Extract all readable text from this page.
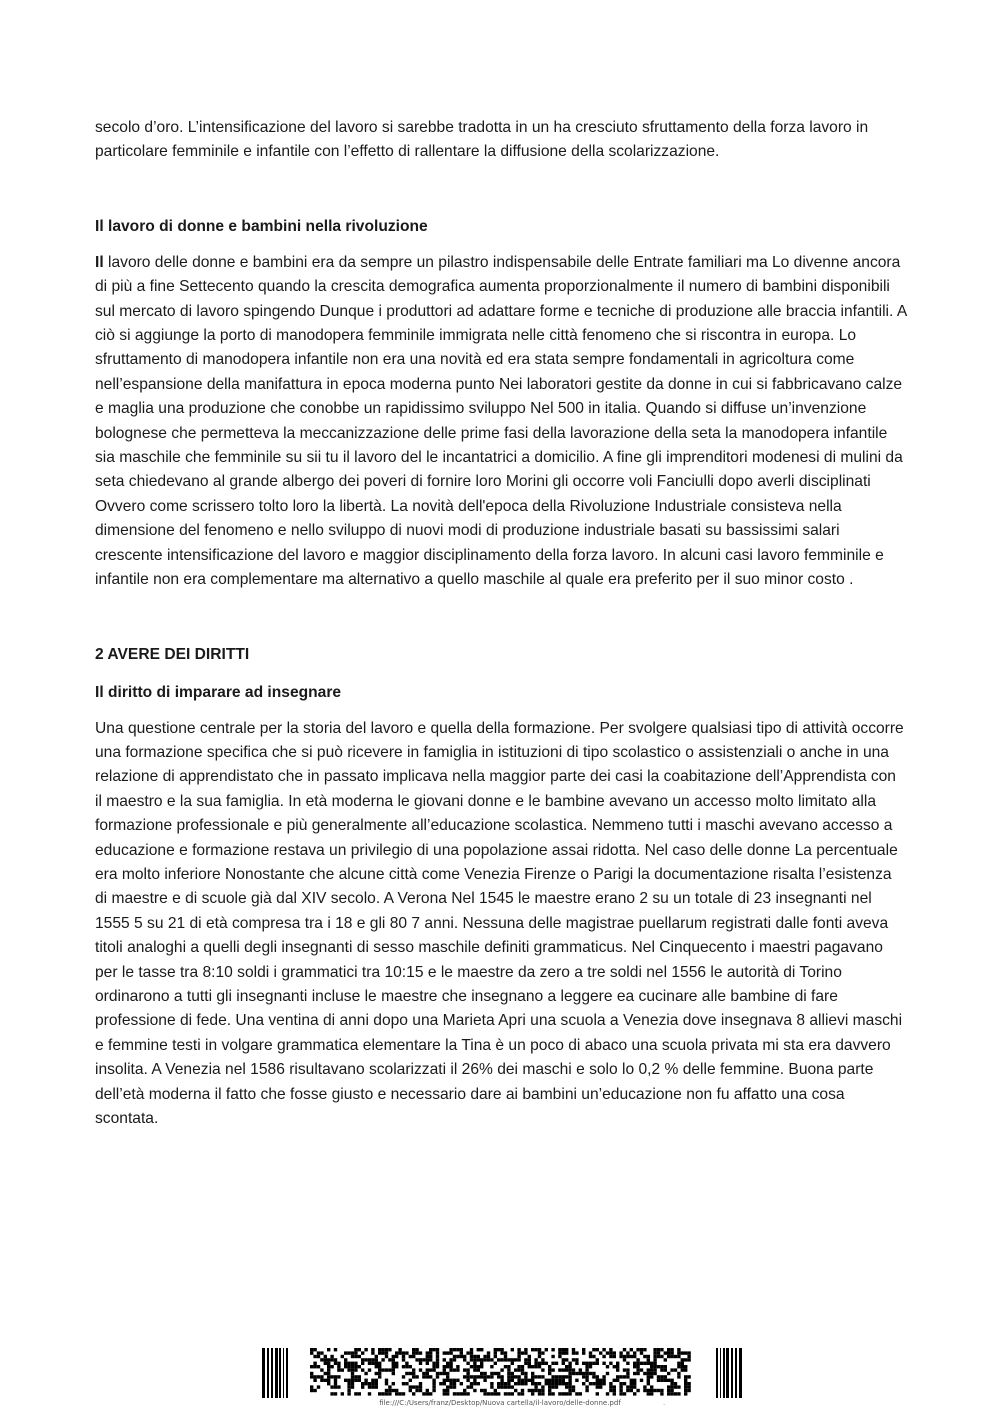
secolo d’oro. L’intensificazione del lavoro si sarebbe tradotta in un ha cresciuto sfruttamento della forza lavoro in particolare femminile e infantile con l’effetto di rallentare la diffusione della scolarizzazione.

Il lavoro di donne e bambini nella rivoluzione

Il lavoro delle donne e bambini era da sempre un pilastro indispensabile delle Entrate familiari ma Lo divenne ancora di più a fine Settecento quando la crescita demografica aumenta proporzionalmente il numero di bambini disponibili sul mercato di lavoro spingendo Dunque i produttori ad adattare forme e tecniche di produzione alle braccia infantili. A ciò si aggiunge la porto di manodopera femminile immigrata nelle città fenomeno che si riscontra in europa. Lo sfruttamento di manodopera infantile non era una novità ed era stata sempre fondamentali in agricoltura come nell’espansione della manifattura in epoca moderna punto Nei laboratori gestite da donne in cui si fabbricavano calze e maglia una produzione che conobbe un rapidissimo sviluppo Nel 500 in italia. Quando si diffuse un’invenzione bolognese che permetteva la meccanizzazione delle prime fasi della lavorazione della seta la manodopera infantile sia maschile che femminile su sii tu il lavoro del le incantatrici a domicilio. A fine gli imprenditori modenesi di mulini da seta chiedevano al grande albergo dei poveri di fornire loro Morini gli occorre voli Fanciulli dopo averli disciplinati Ovvero come scrissero tolto loro la libertà. La novità dell'epoca della Rivoluzione Industriale consisteva nella dimensione del fenomeno e nello sviluppo di nuovi modi di produzione industriale basati su bassissimi salari crescente intensificazione del lavoro e maggior disciplinamento della forza lavoro. In alcuni casi lavoro femminile e infantile non era complementare ma alternativo a quello maschile al quale era preferito per il suo minor costo .

2 AVERE DEI DIRITTI
Il diritto di imparare ad insegnare

Una questione centrale per la storia del lavoro e quella della formazione. Per svolgere qualsiasi tipo di attività occorre una formazione specifica che si può ricevere in famiglia in istituzioni di tipo scolastico o assistenziali o anche in una relazione di apprendistato che in passato implicava nella maggior parte dei casi la coabitazione dell’Apprendista con il maestro e la sua famiglia. In età moderna le giovani donne e le bambine avevano un accesso molto limitato alla formazione professionale e più generalmente all’educazione scolastica. Nemmeno tutti i maschi avevano accesso a educazione e formazione restava un privilegio di una popolazione assai ridotta. Nel caso delle donne La percentuale era molto inferiore Nonostante che alcune città come Venezia Firenze o Parigi la documentazione risalta l’esistenza di maestre e di scuole già dal XIV secolo. A Verona Nel 1545 le maestre erano 2 su un totale di 23 insegnanti nel 1555 5 su 21 di età compresa tra i 18 e gli 80 7 anni. Nessuna delle magistrae puellarum registrati dalle fonti aveva titoli analoghi a quelli degli insegnanti di sesso maschile definiti grammaticus. Nel Cinquecento i maestri pagavano per le tasse tra 8:10 soldi i grammatici tra 10:15 e le maestre da zero a tre soldi nel 1556 le autorità di Torino ordinarono a tutti gli insegnanti incluse le maestre che insegnano a leggere ea cucinare alle bambine di fare professione di fede. Una ventina di anni dopo una Marieta Apri una scuola a Venezia dove insegnava 8 allievi maschi e femmine testi in volgare grammatica elementare la Tina è un poco di abaco una scuola privata mi sta era davvero insolita. A Venezia nel 1586 risultavano scolarizzati il 26% dei maschi e solo lo 0,2 % delle femmine. Buona parte dell’età moderna il fatto che fosse giusto e necessario dare ai bambini un’educazione non fu affatto una cosa scontata.

file:///C:/Users/franz/Desktop/Nuova cartella/il-lavoro/delle-donne.pdf	.
